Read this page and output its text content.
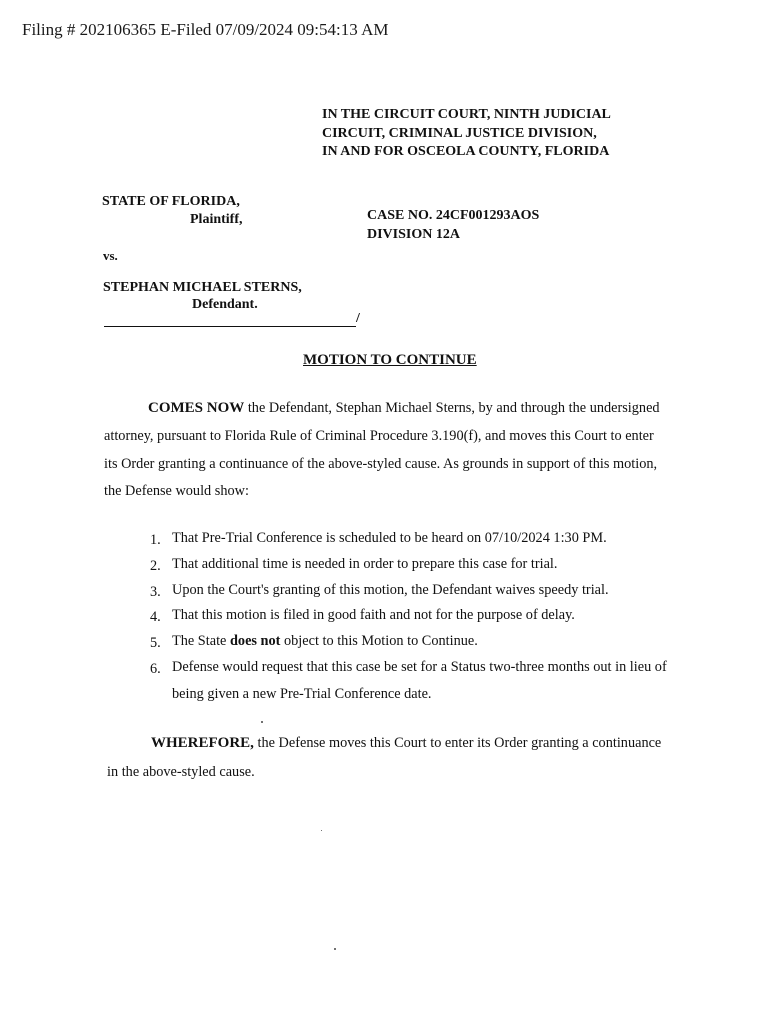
Filing # 202106365 E-Filed 07/09/2024 09:54:13 AM
IN THE CIRCUIT COURT, NINTH JUDICIAL
CIRCUIT, CRIMINAL JUSTICE DIVISION,
IN AND FOR OSCEOLA COUNTY, FLORIDA
STATE OF FLORIDA,
Plaintiff,	CASE NO. 24CF001293AOS
DIVISION 12A
vs.
STEPHAN MICHAEL STERNS,
Defendant.
/
MOTION TO CONTINUE
COMES NOW the Defendant, Stephan Michael Sterns, by and through the undersigned
attorney, pursuant to Florida Rule of Criminal Procedure 3.190(f), and moves this Court to enter
its Order granting a continuance of the above-styled cause. As grounds in support of this motion,
the Defense would show:
1. That Pre-Trial Conference is scheduled to be heard on 07/10/2024 1:30 PM.
2. That additional time is needed in order to prepare this case for trial.
3. Upon the Court's granting of this motion, the Defendant waives speedy trial.
4. That this motion is filed in good faith and not for the purpose of delay.
5. The State does not object to this Motion to Continue.
6. Defense would request that this case be set for a Status two-three months out in lieu of
being given a new Pre-Trial Conference date.
WHEREFORE, the Defense moves this Court to enter its Order granting a continuance
in the above-styled cause.
